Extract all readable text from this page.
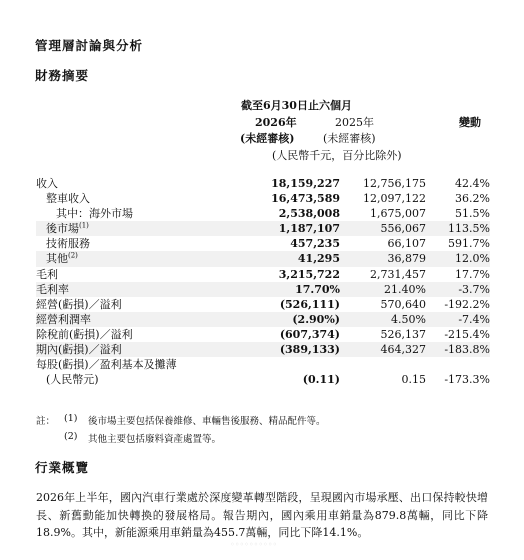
管理層討論與分析
財務摘要
截至6月30日止六個月
2026年	2025年	變動
(未經審核)	(未經審核)
(人民幣千元，百分比除外)
收入	18,159,227	12,756,175	42.4%
整車收入	16,473,589	12,097,122	36.2%
其中：海外市場	2,538,008	1,675,007	51.5%
後市場$^{(1)}$	1,187,107	556,067	113.5%
技術服務	457,235	66,107	591.7%
其他$^{(2)}$	41,295	36,879	12.0%
毛利	3,215,722	2,731,457	17.7%
毛利率	17.70%	21.40%	-3.7%
經營(虧損)／溢利	(526,111)	570,640	-192.2%
經營利潤率	(2.90%)	4.50%	-7.4%
除稅前(虧損)／溢利	(607,374)	526,137	-215.4%
期內(虧損)／溢利	(389,133)	464,327	-183.8%
每股(虧損)／盈利基本及攤薄			
(人民幣元)	(0.11)	0.15	-173.3%
註： (1) 後市場主要包括保養維修、車輛售後服務、精品配件等。
(2) 其他主要包括廢料資產處置等。
行業概覽
2026年上半年，國內汽車行業處於深度變革轉型階段，呈現國內市場承壓、出口保持較快增長、新舊動能加快轉換的發展格局。報告期內，國內乘用車銷量為879.8萬輛，同比下降18.9%。其中，新能源乘用車銷量為455.7萬輛，同比下降14.1%。
◦◦◦◦◦◦◦◦◦◦
